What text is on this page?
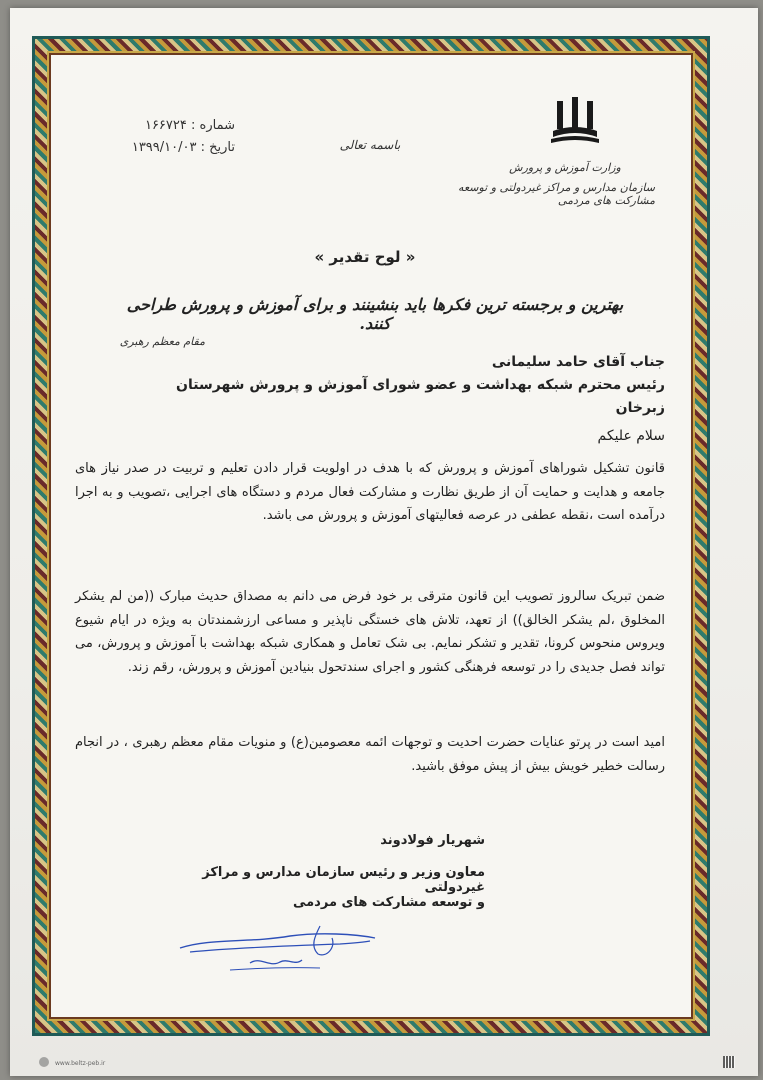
وزارت آموزش و پرورش
سازمان مدارس و مراکز غیردولتی و توسعه مشارکت های مردمی
باسمه تعالی
شماره : ۱۶۶۷۲۴
تاریخ : ۱۳۹۹/۱۰/۰۳
« لوح تقدیر »
بهترین و برجسته ترین فکرها باید بنشینند و برای آموزش و پرورش طراحی کنند.
مقام معظم رهبری
جناب آقای حامد سلیمانی
رئیس محترم شبکه بهداشت و عضو شورای آموزش و پرورش شهرستان زبرخان
سلام علیکم
قانون تشکیل شوراهای آموزش و پرورش که با هدف در اولویت قرار دادن تعلیم و تربیت در صدر نیاز های جامعه و هدایت و حمایت آن از طریق نظارت و مشارکت فعال مردم و دستگاه های اجرایی ،تصویب و به اجرا درآمده است ،نقطه عطفی در عرصه فعالیتهای آموزش و پرورش می باشد.
ضمن تبریک سالروز تصویب این قانون مترقی بر خود فرض می دانم به مصداق حدیث مبارک ((من لم یشکر المخلوق ،لم یشکر الخالق)) از تعهد، تلاش های خستگی ناپذیر و مساعی ارزشمندتان به ویژه در ایام شیوع ویروس منحوس کرونا، تقدیر و تشکر نمایم. بی شک تعامل و همکاری شبکه بهداشت با آموزش و پرورش، می تواند فصل جدیدی را در توسعه فرهنگی کشور و اجرای سندتحول بنیادین آموزش و پرورش، رقم زند.
امید است در پرتو عنایات حضرت احدیت و توجهات ائمه معصومین(ع) و منویات مقام معظم رهبری ، در انجام رسالت خطیر خویش بیش از پیش موفق باشید.
شهریار فولادوند
معاون وزیر و رئیس سازمان مدارس و مراکز غیردولتی
و توسعه مشارکت های مردمی
www.beltz-peb.ir
